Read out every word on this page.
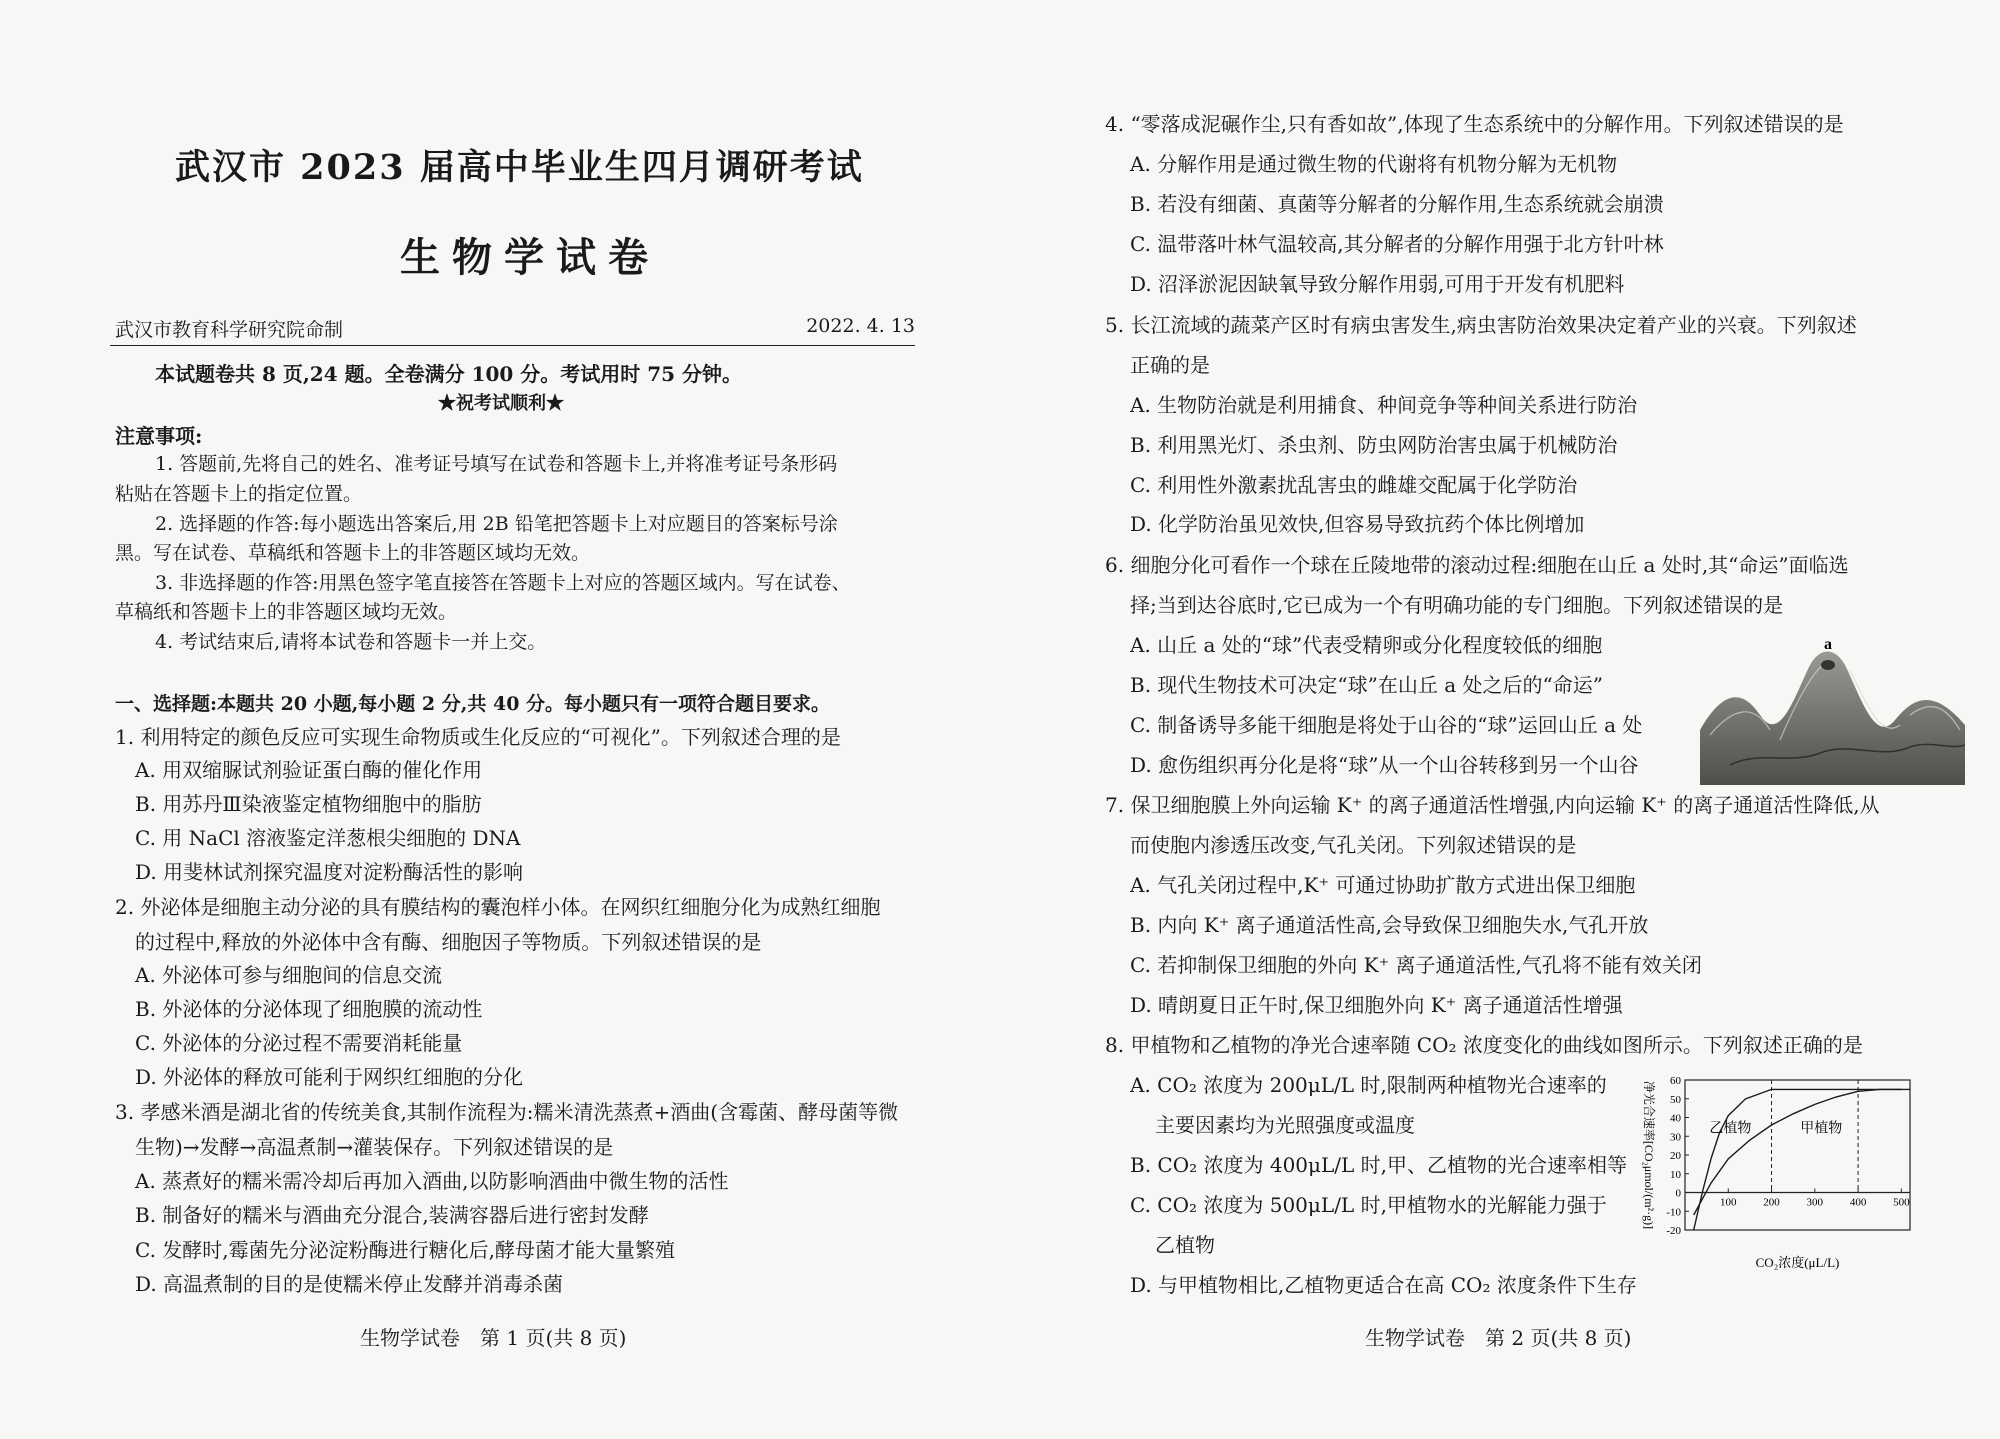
武汉市 2023 届高中毕业生四月调研考试
生物学试卷
武汉市教育科学研究院命制	2022. 4. 13
本试题卷共 8 页,24 题。全卷满分 100 分。考试用时 75 分钟。
★祝考试顺利★
注意事项:
1. 答题前,先将自己的姓名、准考证号填写在试卷和答题卡上,并将准考证号条形码
粘贴在答题卡上的指定位置。
2. 选择题的作答:每小题选出答案后,用 2B 铅笔把答题卡上对应题目的答案标号涂
黑。写在试卷、草稿纸和答题卡上的非答题区域均无效。
3. 非选择题的作答:用黑色签字笔直接答在答题卡上对应的答题区域内。写在试卷、
草稿纸和答题卡上的非答题区域均无效。
4. 考试结束后,请将本试卷和答题卡一并上交。
一、选择题:本题共 20 小题,每小题 2 分,共 40 分。每小题只有一项符合题目要求。
1. 利用特定的颜色反应可实现生命物质或生化反应的“可视化”。下列叙述合理的是
A. 用双缩脲试剂验证蛋白酶的催化作用
B. 用苏丹Ⅲ染液鉴定植物细胞中的脂肪
C. 用 NaCl 溶液鉴定洋葱根尖细胞的 DNA
D. 用斐林试剂探究温度对淀粉酶活性的影响
2. 外泌体是细胞主动分泌的具有膜结构的囊泡样小体。在网织红细胞分化为成熟红细胞
的过程中,释放的外泌体中含有酶、细胞因子等物质。下列叙述错误的是
A. 外泌体可参与细胞间的信息交流
B. 外泌体的分泌体现了细胞膜的流动性
C. 外泌体的分泌过程不需要消耗能量
D. 外泌体的释放可能利于网织红细胞的分化
3. 孝感米酒是湖北省的传统美食,其制作流程为:糯米清洗蒸煮+酒曲(含霉菌、酵母菌等微
生物)→发酵→高温煮制→灌装保存。下列叙述错误的是
A. 蒸煮好的糯米需冷却后再加入酒曲,以防影响酒曲中微生物的活性
B. 制备好的糯米与酒曲充分混合,装满容器后进行密封发酵
C. 发酵时,霉菌先分泌淀粉酶进行糖化后,酵母菌才能大量繁殖
D. 高温煮制的目的是使糯米停止发酵并消毒杀菌
生物学试卷　第 1 页(共 8 页)
4. “零落成泥碾作尘,只有香如故”,体现了生态系统中的分解作用。下列叙述错误的是
A. 分解作用是通过微生物的代谢将有机物分解为无机物
B. 若没有细菌、真菌等分解者的分解作用,生态系统就会崩溃
C. 温带落叶林气温较高,其分解者的分解作用强于北方针叶林
D. 沼泽淤泥因缺氧导致分解作用弱,可用于开发有机肥料
5. 长江流域的蔬菜产区时有病虫害发生,病虫害防治效果决定着产业的兴衰。下列叙述
正确的是
A. 生物防治就是利用捕食、种间竞争等种间关系进行防治
B. 利用黑光灯、杀虫剂、防虫网防治害虫属于机械防治
C. 利用性外激素扰乱害虫的雌雄交配属于化学防治
D. 化学防治虽见效快,但容易导致抗药个体比例增加
6. 细胞分化可看作一个球在丘陵地带的滚动过程:细胞在山丘 a 处时,其“命运”面临选
择;当到达谷底时,它已成为一个有明确功能的专门细胞。下列叙述错误的是
A. 山丘 a 处的“球”代表受精卵或分化程度较低的细胞
B. 现代生物技术可决定“球”在山丘 a 处之后的“命运”
C. 制备诱导多能干细胞是将处于山谷的“球”运回山丘 a 处
D. 愈伤组织再分化是将“球”从一个山谷转移到另一个山谷
7. 保卫细胞膜上外向运输 K⁺ 的离子通道活性增强,内向运输 K⁺ 的离子通道活性降低,从
而使胞内渗透压改变,气孔关闭。下列叙述错误的是
A. 气孔关闭过程中,K⁺ 可通过协助扩散方式进出保卫细胞
B. 内向 K⁺ 离子通道活性高,会导致保卫细胞失水,气孔开放
C. 若抑制保卫细胞的外向 K⁺ 离子通道活性,气孔将不能有效关闭
D. 晴朗夏日正午时,保卫细胞外向 K⁺ 离子通道活性增强
8. 甲植物和乙植物的净光合速率随 CO₂ 浓度变化的曲线如图所示。下列叙述正确的是
A. CO₂ 浓度为 200μL/L 时,限制两种植物光合速率的
主要因素均为光照强度或温度
B. CO₂ 浓度为 400μL/L 时,甲、乙植物的光合速率相等
C. CO₂ 浓度为 500μL/L 时,甲植物水的光解能力强于
乙植物
D. 与甲植物相比,乙植物更适合在高 CO₂ 浓度条件下生存
生物学试卷　第 2 页(共 8 页)
a
-20
-10
0
10
20
30
40
50
60
100 200 300 400 500
乙植物	甲植物
CO₂浓度(μL/L)
净光合速率[CO₂μmol/(m²·g)]
